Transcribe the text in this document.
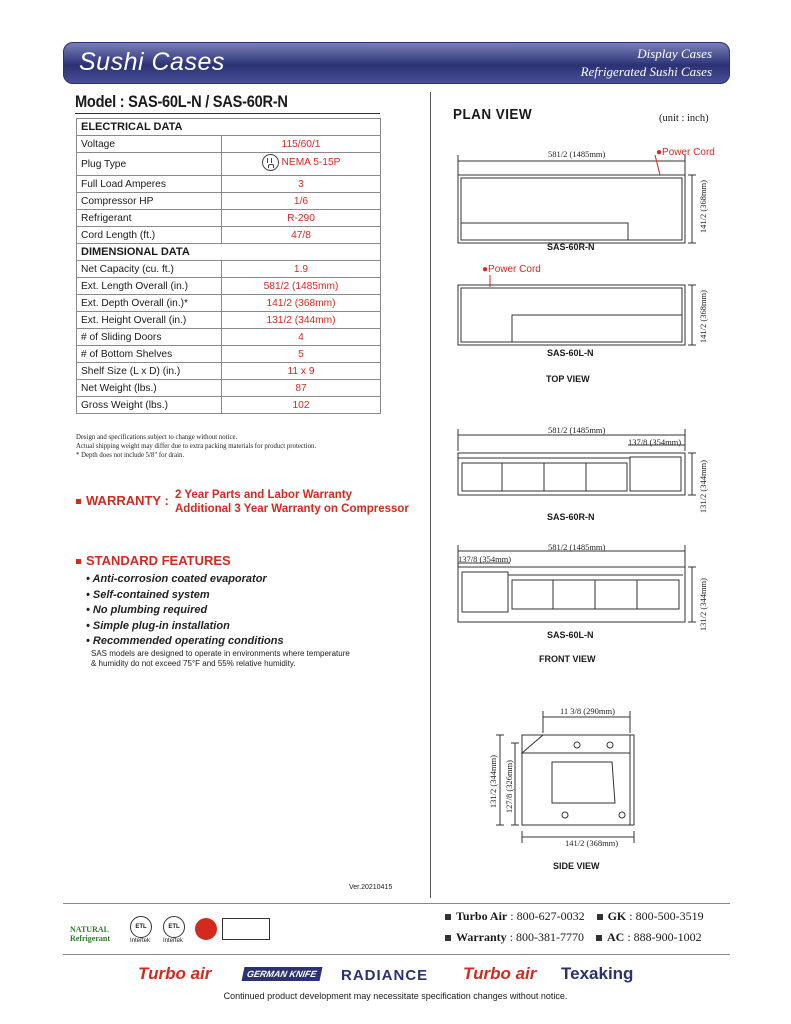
Sushi Cases	Display Cases
Refrigerated Sushi Cases
Model : SAS-60L-N / SAS-60R-N
ELECTRICAL DATA	
Voltage	115/60/1
Plug Type	NEMA 5-15P

Full Load Amperes	3
Compressor HP	1/6
Refrigerant	R-290
Cord Length (ft.)	47/8
DIMENSIONAL DATA	
Net Capacity (cu. ft.)	1.9
Ext. Length Overall (in.)	581/2 (1485mm)
Ext. Depth Overall (in.)*	141/2 (368mm)
Ext. Height Overall (in.)	131/2 (344mm)
# of Sliding Doors	4
# of Bottom Shelves	5
Shelf Size (L x D) (in.)	11 x 9
Net Weight (lbs.)	87
Gross Weight (lbs.)	102
Design and specifications subject to change without notice.
Actual shipping weight may differ due to extra packing materials for product protection.
* Depth does not include 5/8" for drain.
WARRANTY : 2 Year Parts and Labor Warranty
Additional 3 Year Warranty on Compressor
STANDARD FEATURES
• Anti-corrosion coated evaporator
• Self-contained system
• No plumbing required
• Simple plug-in installation
• Recommended operating conditions
SAS models are designed to operate in environments where temperature
& humidity do not exceed 75°F and 55% relative humidity.
PLAN VIEW	(unit : inch)
581/2 (1485mm)	●Power Cord
141/2 (368mm)
SAS-60R-N
●Power Cord
141/2 (368mm)
SAS-60L-N
TOP VIEW
581/2 (1485mm)
137/8 (354mm)
131/2 (344mm)
SAS-60R-N
581/2 (1485mm)
137/8 (354mm)
131/2 (344mm)
SAS-60L-N
FRONT VIEW
11 3/8 (290mm)
131/2 (344mm) 127/8 (326mm)
141/2 (368mm)
SIDE VIEW
Ver.20210415
NATURAL
Refrigerant
ETL
Intertek
ETL
Intertek
Turbo Air : 800-627-0032 GK : 800-500-3519
Warranty : 800-381-7770 AC : 888-900-1002
Turbo air	GERMAN KNIFE RADIANCE Turbo air Texaking
Continued product development may necessitate specification changes without notice.
